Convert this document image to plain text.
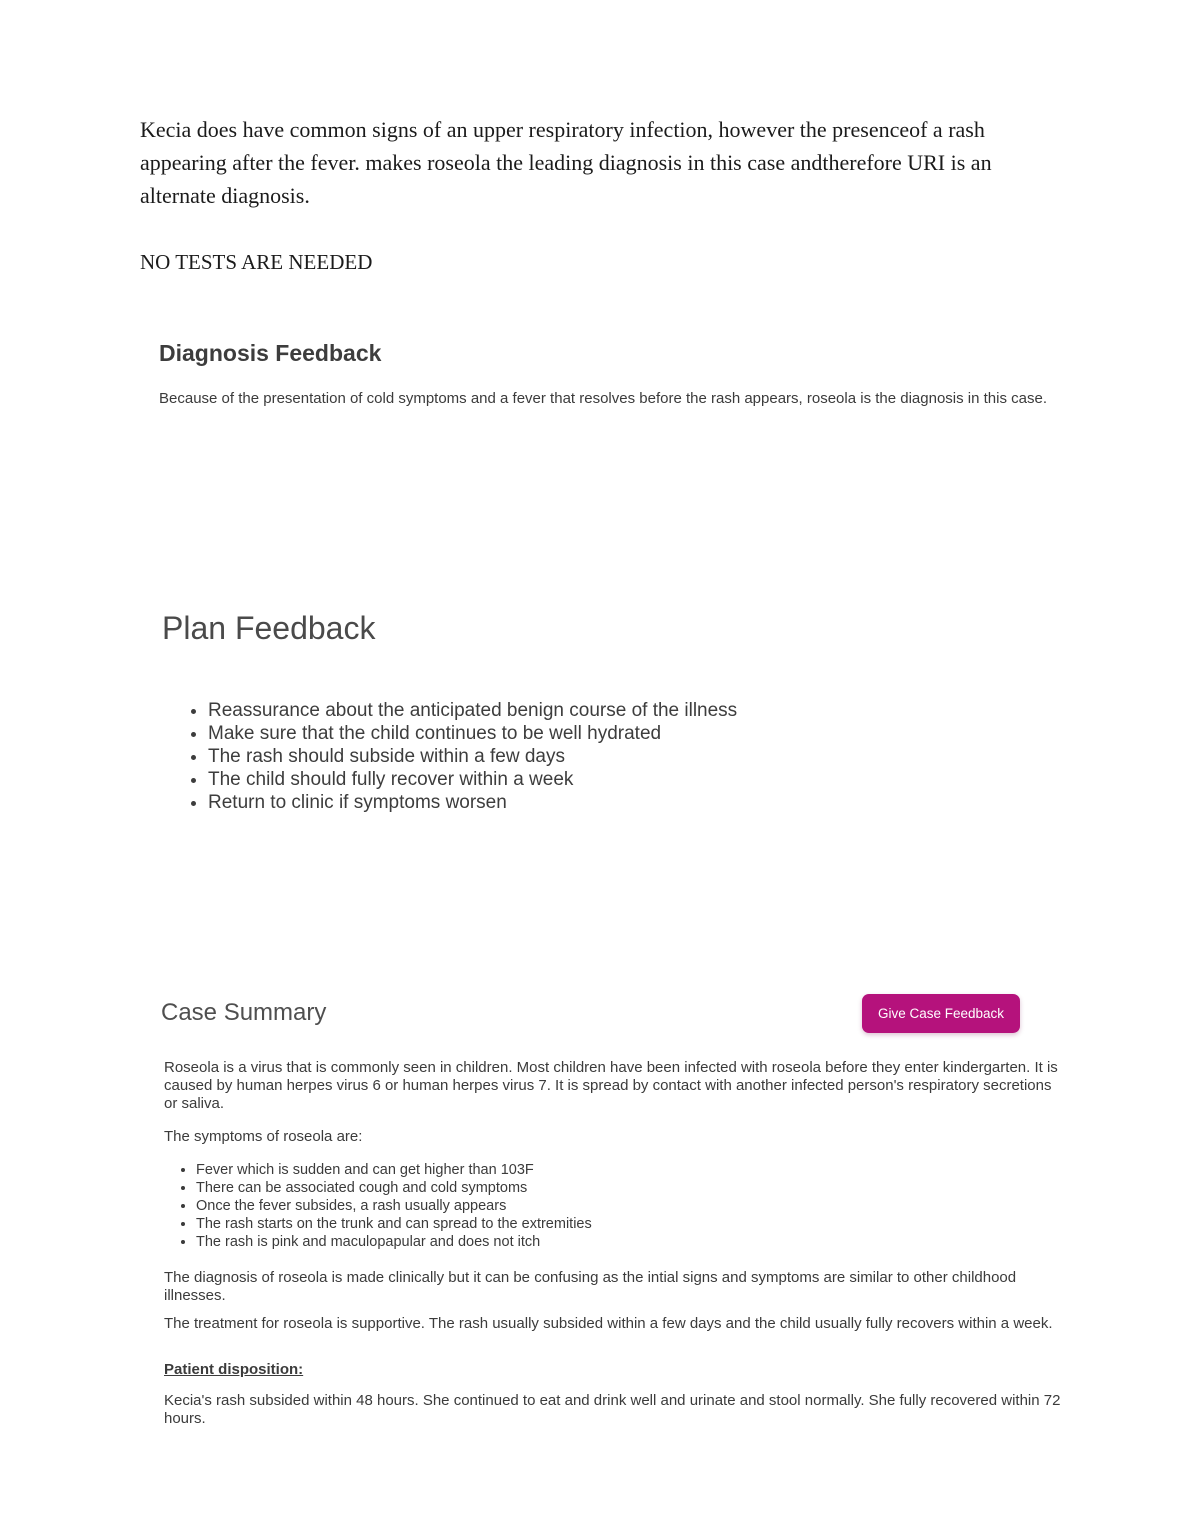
Kecia does have common signs of an upper respiratory infection, however the presenceof a rash appearing after the fever. makes roseola the leading diagnosis in this case andtherefore URI is an alternate diagnosis.

NO TESTS ARE NEEDED

Diagnosis Feedback

Because of the presentation of cold symptoms and a fever that resolves before the rash appears, roseola is the diagnosis in this case.

Plan Feedback
• Reassurance about the anticipated benign course of the illness
• Make sure that the child continues to be well hydrated
• The rash should subside within a few days
• The child should fully recover within a week
• Return to clinic if symptoms worsen
Case Summary	Give Case Feedback

Roseola is a virus that is commonly seen in children. Most children have been infected with roseola before they enter kindergarten. It is caused by human herpes virus 6 or human herpes virus 7. It is spread by contact with another infected person's respiratory secretions or saliva.

The symptoms of roseola are:

• Fever which is sudden and can get higher than 103F
• There can be associated cough and cold symptoms
• Once the fever subsides, a rash usually appears
• The rash starts on the trunk and can spread to the extremities
• The rash is pink and maculopapular and does not itch

The diagnosis of roseola is made clinically but it can be confusing as the intial signs and symptoms are similar to other childhood illnesses.

The treatment for roseola is supportive. The rash usually subsided within a few days and the child usually fully recovers within a week.

Patient disposition:

Kecia's rash subsided within 48 hours. She continued to eat and drink well and urinate and stool normally. She fully recovered within 72 hours.
